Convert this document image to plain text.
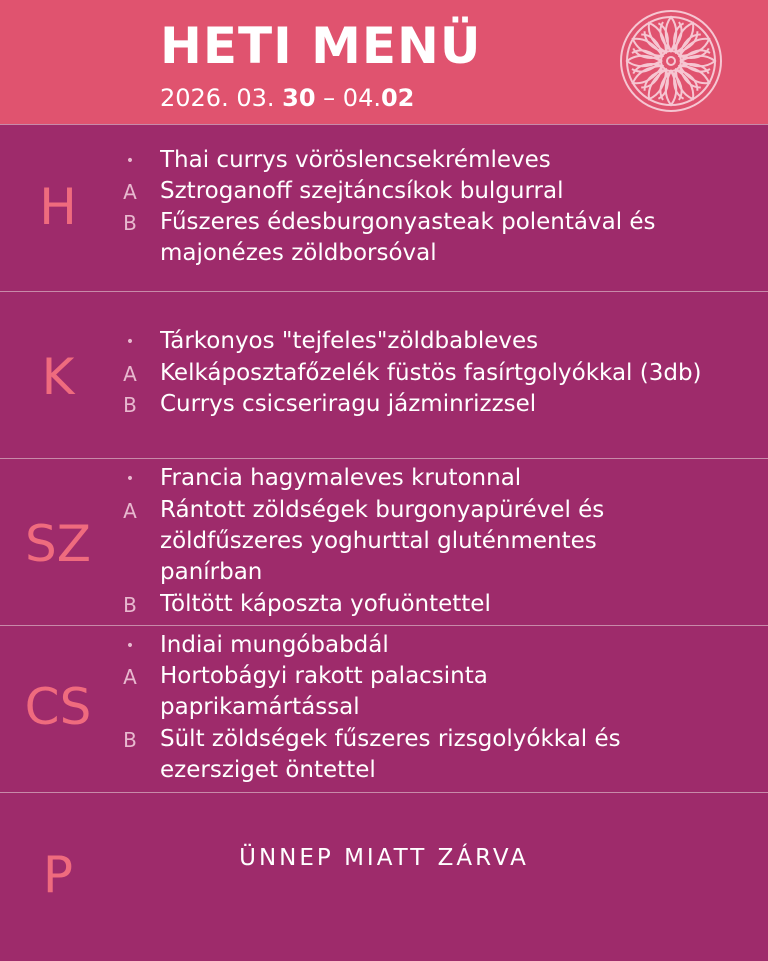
HETI MENÜ
2026. 03. 30 – 04.02
H
•	Thai currys vöröslencsekrémleves
A Sztroganoff szejtáncsíkok bulgurral
B Fűszeres édesburgonyasteak polentával és
majonézes zöldborsóval
K
•	Tárkonyos "tejfeles"zöldbableves
A Kelkáposztafőzelék füstös fasírtgolyókkal (3db)
B Currys csicseriragu jázminrizzsel
SZ
•	Francia hagymaleves krutonnal
A Rántott zöldségek burgonyapürével és
zöldfűszeres yoghurttal gluténmentes
panírban
B Töltött káposzta yofuöntettel
CS
•	Indiai mungóbabdál
A Hortobágyi rakott palacsinta
paprikamártással
B Sült zöldségek fűszeres rizsgolyókkal és
ezersziget öntettel
P	ÜNNEP MIATT ZÁRVA
